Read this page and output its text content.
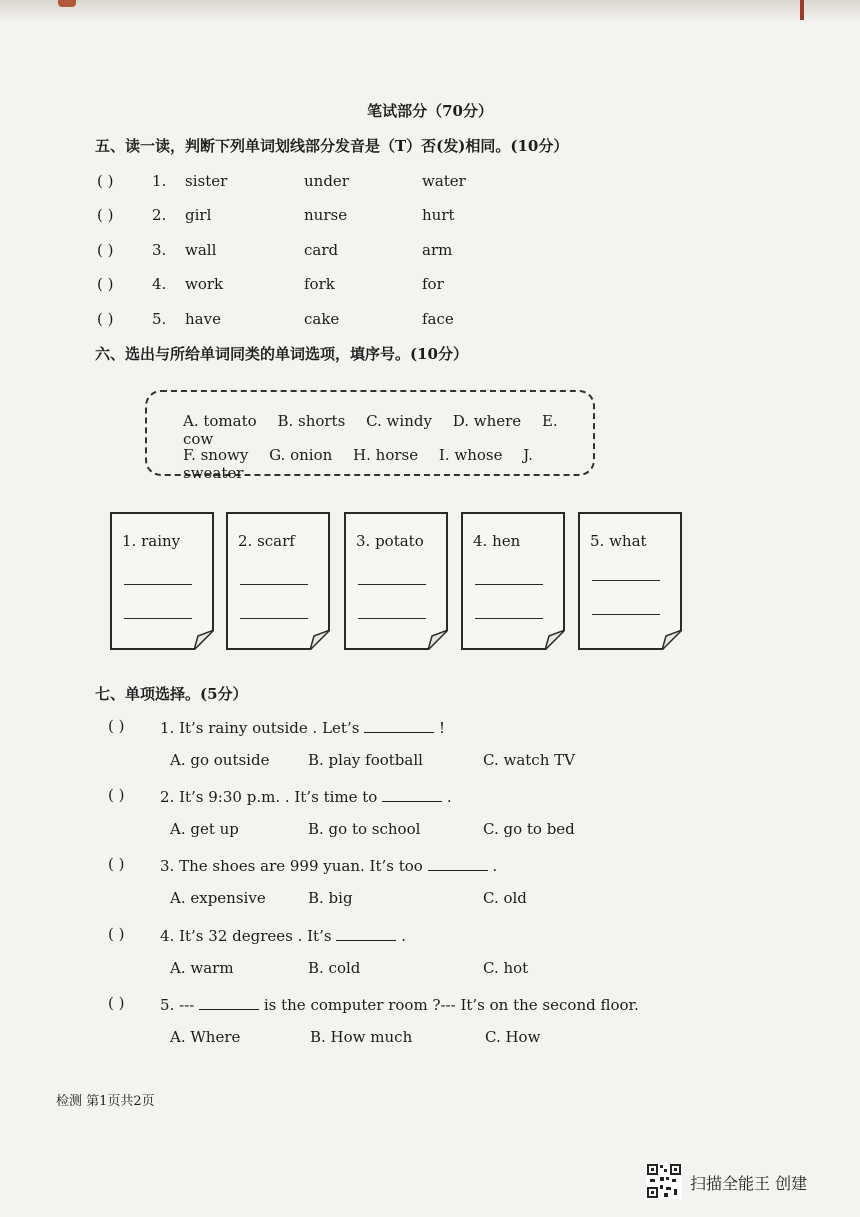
笔试部分（70分）
五、读一读，判断下列单词划线部分发音是（T）否(发)相同。(10分）
( )	1. sister	under	water
( )	2. girl	nurse	hurt
( )	3. wall	card	arm
( )	4. work	fork	for
( )	5. have	cake	face
六、选出与所给单词同类的单词选项，填序号。(10分）
A. tomato B. shorts C. windy D. where E. cow
F. snowy G. onion H. horse I. whose J. sweater
1. rainy	2. scarf	3. potato	4. hen	5. what
七、单项选择。(5分）
( ) 1. It’s rainy outside . Let’s	!
A. go outside	B. play football	C. watch TV
( ) 2. It’s 9:30 p.m. . It’s time to	.
A. get up	B. go to school	C. go to bed
( ) 3. The shoes are 999 yuan. It’s too	.
A. expensive	B. big	C. old
( ) 4. It’s 32 degrees . It’s	.
A. warm	B. cold	C. hot
( ) 5. ---	is the computer room ?--- It’s on the second floor.
A. Where	B. How much	C. How
检测 第1页共2页
扫描全能王 创建
